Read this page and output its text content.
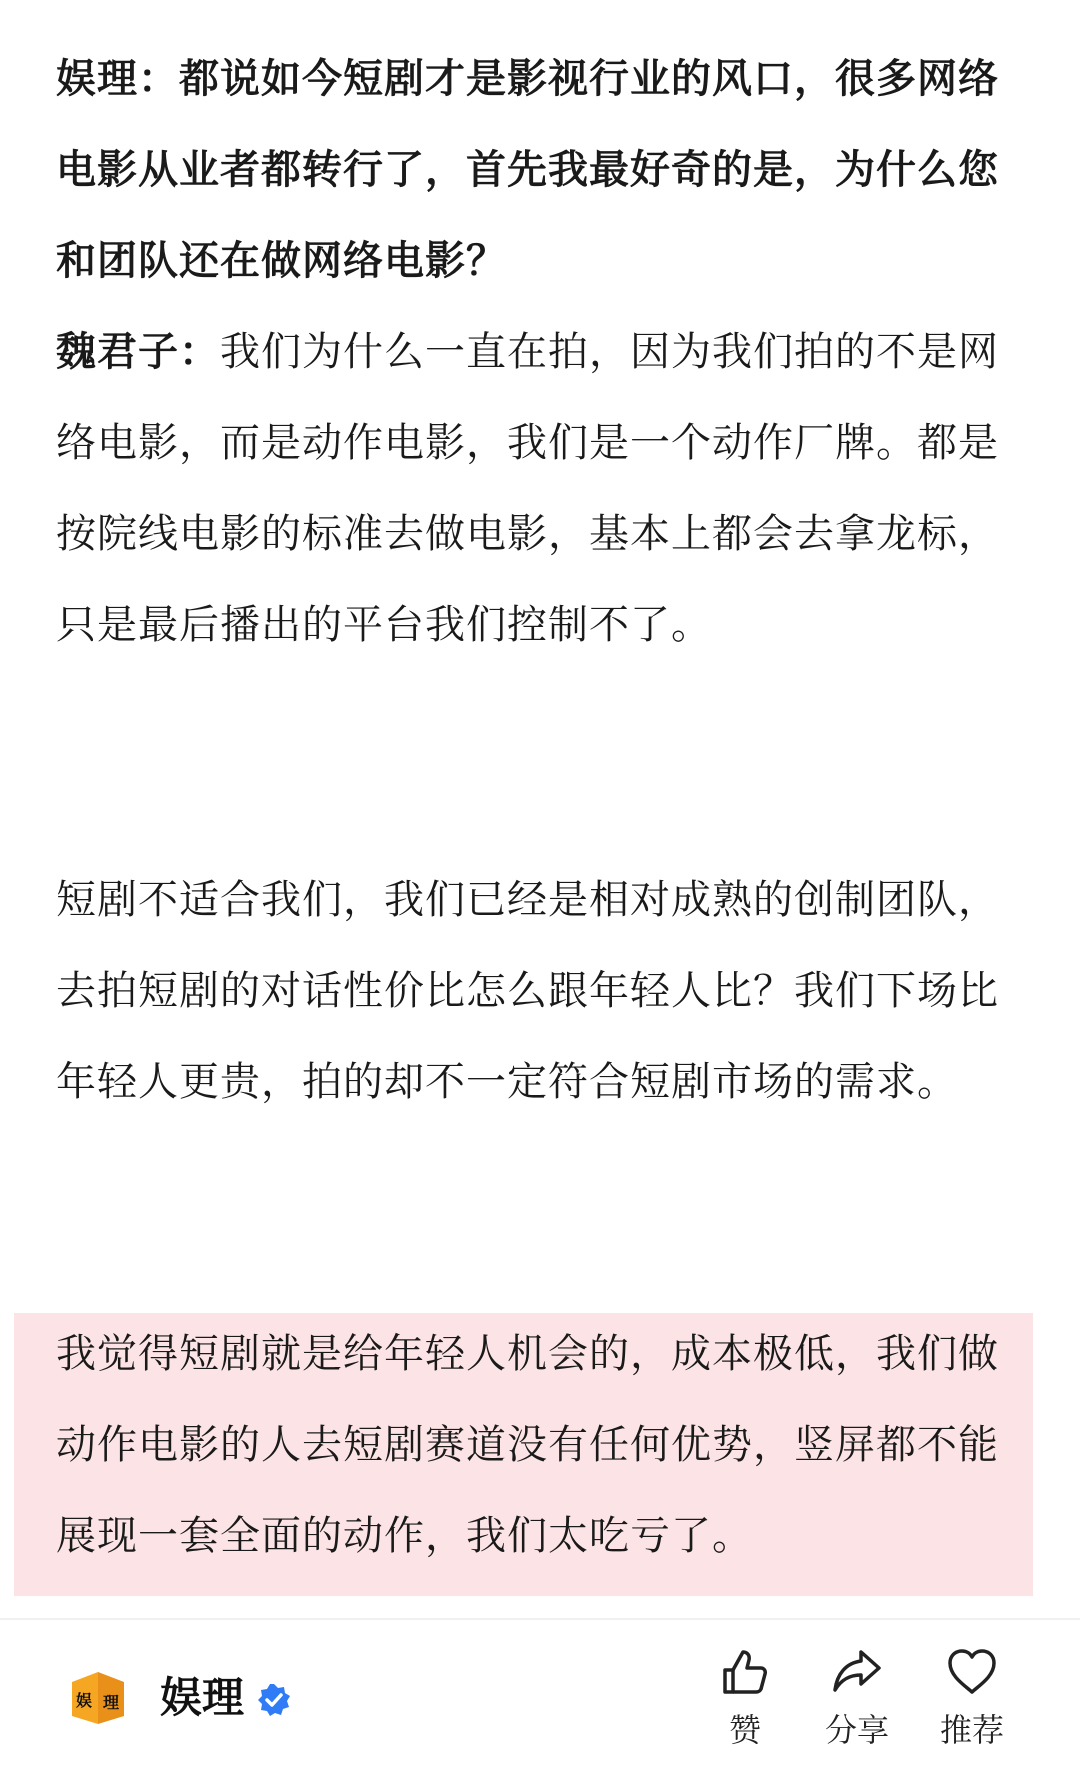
娱理：都说如今短剧才是影视行业的风口，很多网络电影从业者都转行了，首先我最好奇的是，为什么您和团队还在做网络电影？

魏君子：我们为什么一直在拍，因为我们拍的不是网络电影，而是动作电影，我们是一个动作厂牌。都是按院线电影的标准去做电影，基本上都会去拿龙标，只是最后播出的平台我们控制不了。

短剧不适合我们，我们已经是相对成熟的创制团队，去拍短剧的对话性价比怎么跟年轻人比？我们下场比年轻人更贵，拍的却不一定符合短剧市场的需求。

我觉得短剧就是给年轻人机会的，成本极低，我们做动作电影的人去短剧赛道没有任何优势，竖屏都不能展现一套全面的动作，我们太吃亏了。

娱 理 娱理
赞	分享	推荐
